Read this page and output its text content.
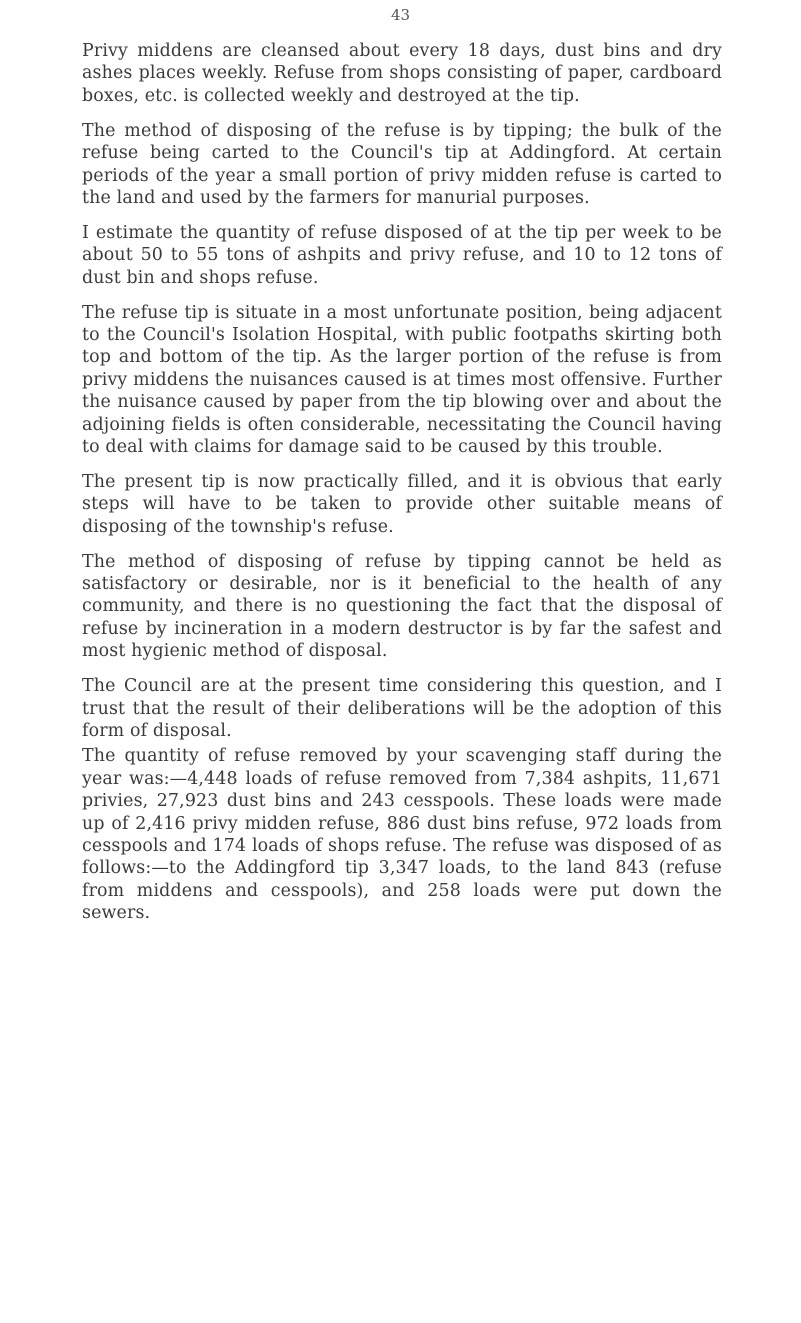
43

Privy middens are cleansed about every 18 days, dust bins and dry ashes places weekly. Refuse from shops consisting of paper, cardboard boxes, etc. is collected weekly and destroyed at the tip.

The method of disposing of the refuse is by tipping; the bulk of the refuse being carted to the Council's tip at Addingford. At certain periods of the year a small portion of privy midden refuse is carted to the land and used by the farmers for manurial purposes.

I estimate the quantity of refuse disposed of at the tip per week to be about 50 to 55 tons of ashpits and privy refuse, and 10 to 12 tons of dust bin and shops refuse.

The refuse tip is situate in a most unfortunate position, being adjacent to the Council's Isolation Hospital, with public footpaths skirting both top and bottom of the tip. As the larger portion of the refuse is from privy middens the nuisances caused is at times most offensive. Further the nuisance caused by paper from the tip blowing over and about the adjoining fields is often considerable, necessitating the Council having to deal with claims for damage said to be caused by this trouble.

The present tip is now practically filled, and it is obvious that early steps will have to be taken to provide other suitable means of disposing of the township's refuse.

The method of disposing of refuse by tipping cannot be held as satisfactory or desirable, nor is it beneficial to the health of any community, and there is no questioning the fact that the disposal of refuse by incineration in a modern destructor is by far the safest and most hygienic method of disposal.

The Council are at the present time considering this question, and I trust that the result of their deliberations will be the adoption of this form of disposal.

The quantity of refuse removed by your scavenging staff during the year was:—4,448 loads of refuse removed from 7,384 ashpits, 11,671 privies, 27,923 dust bins and 243 cesspools. These loads were made up of 2,416 privy midden refuse, 886 dust bins refuse, 972 loads from cesspools and 174 loads of shops refuse. The refuse was disposed of as follows:—to the Addingford tip 3,347 loads, to the land 843 (refuse from middens and cesspools), and 258 loads were put down the sewers.
